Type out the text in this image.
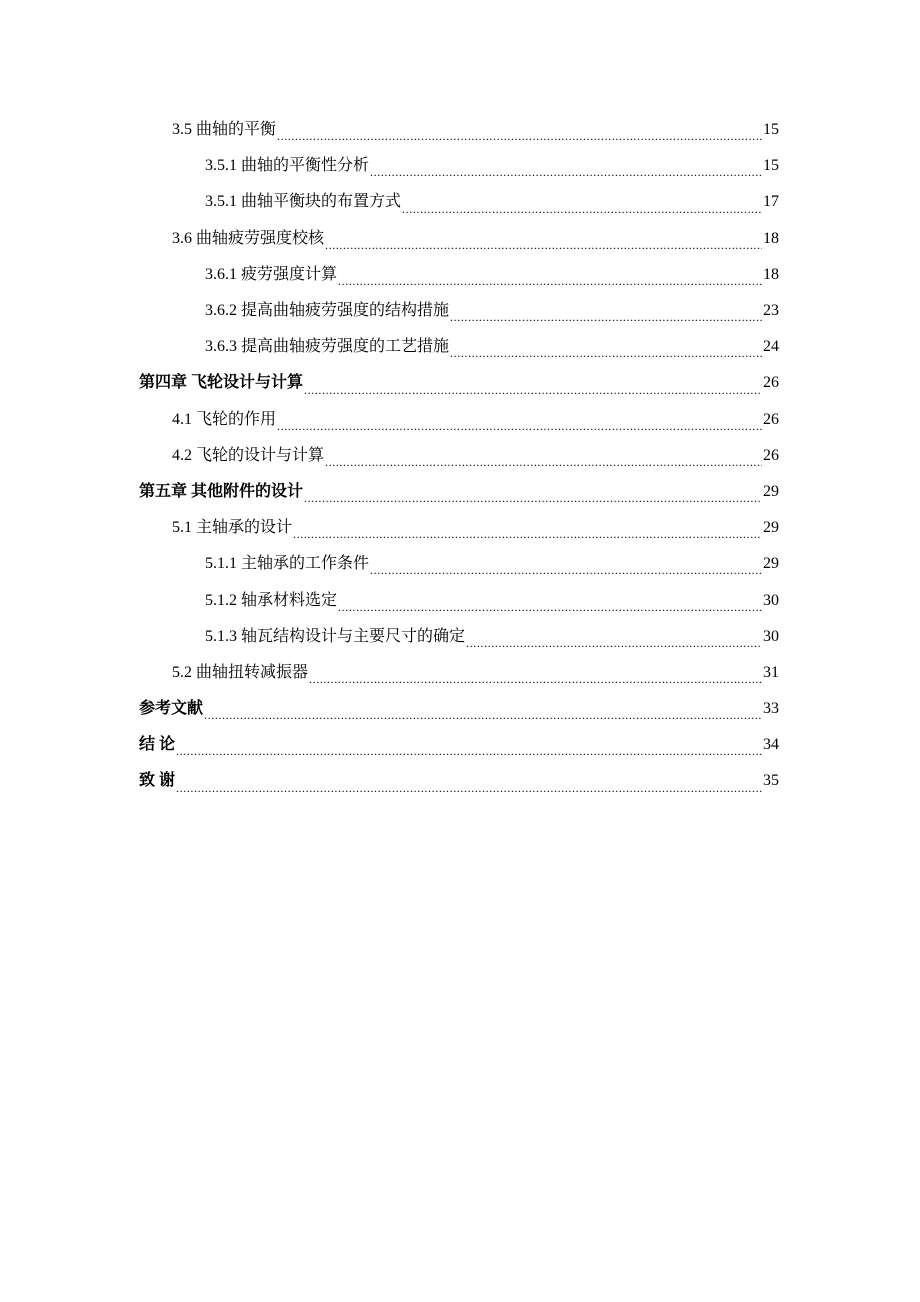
3.5 曲轴的平衡 .....	15
3.5.1 曲轴的平衡性分析 .....	15
3.5.1 曲轴平衡块的布置方式 .....	17
3.6 曲轴疲劳强度校核 .....	18
3.6.1 疲劳强度计算 .....	18
3.6.2 提高曲轴疲劳强度的结构措施 .....	23
3.6.3 提高曲轴疲劳强度的工艺措施 .....	24
第四章 飞轮设计与计算 .....	26
4.1 飞轮的作用 .....	26
4.2 飞轮的设计与计算 .....	26
第五章 其他附件的设计 .....	29
5.1 主轴承的设计 .....	29
5.1.1 主轴承的工作条件 .....	29
5.1.2 轴承材料选定 .....	30
5.1.3 轴瓦结构设计与主要尺寸的确定 .....	30
5.2 曲轴扭转减振器 .....	31
参考文献 .....	33
结 论 .....	34
致 谢 .....	35
